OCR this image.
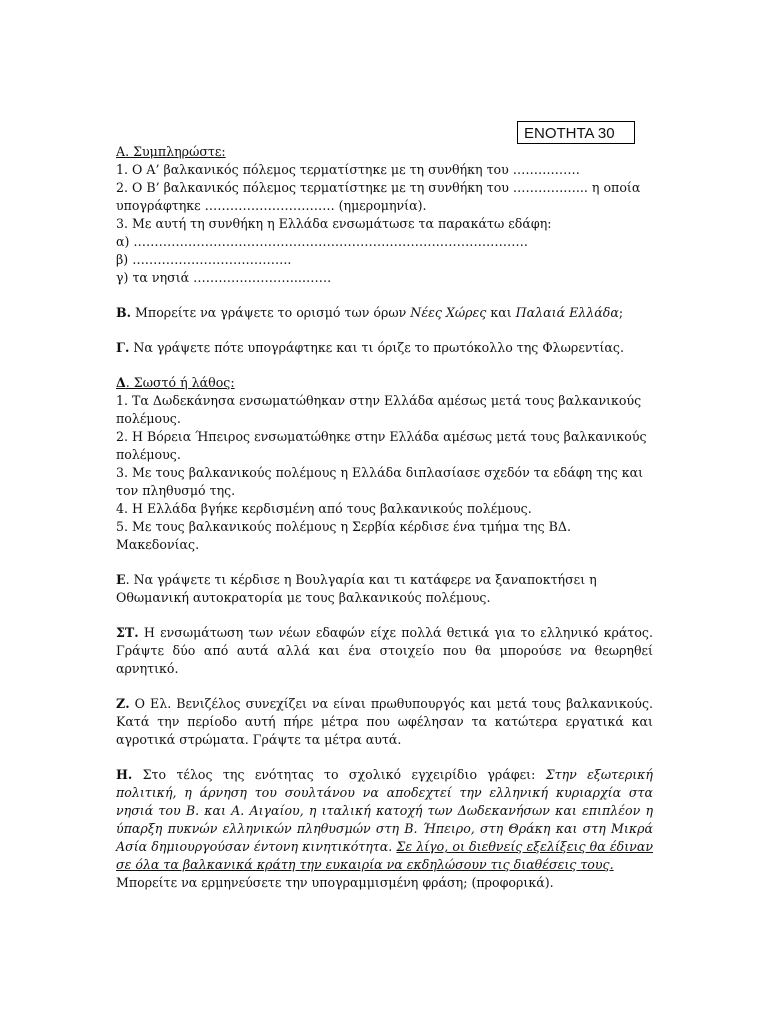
ΕΝΟΤΗΤΑ 30

Α. Συμπληρώστε:

1. Ο Α’ βαλκανικός πόλεμος τερματίστηκε με τη συνθήκη του …………….

2. Ο Β’ βαλκανικός πόλεμος τερματίστηκε με τη συνθήκη του ……………... η οποία υπογράφτηκε …………………………. (ημερομηνία).

3. Με αυτή τη συνθήκη η Ελλάδα ενσωμάτωσε τα παρακάτω εδάφη:

α) ………………………………………………………………………………….

β) ………………………………..

γ) τα νησιά ……………………..…….

Β. Μπορείτε να γράψετε το ορισμό των όρων Νέες Χώρες και Παλαιά Ελλάδα;

Γ. Να γράψετε πότε υπογράφτηκε και τι όριζε το πρωτόκολλο της Φλωρεντίας.

Δ. Σωστό ή λάθος:

1. Τα Δωδεκάνησα ενσωματώθηκαν στην Ελλάδα αμέσως μετά τους βαλκανικούς πολέμους.

2. Η Βόρεια Ήπειρος ενσωματώθηκε στην Ελλάδα αμέσως μετά τους βαλκανικούς πολέμους.

3. Με τους βαλκανικούς πολέμους η Ελλάδα διπλασίασε σχεδόν τα εδάφη της και τον πληθυσμό της.

4. Η Ελλάδα βγήκε κερδισμένη από τους βαλκανικούς πολέμους.

5. Με τους βαλκανικούς πολέμους η Σερβία κέρδισε ένα τμήμα της ΒΔ. Μακεδονίας.

Ε. Να γράψετε τι κέρδισε η Βουλγαρία και τι κατάφερε να ξαναποκτήσει η Οθωμανική αυτοκρατορία με τους βαλκανικούς πολέμους.

ΣΤ. Η ενσωμάτωση των νέων εδαφών είχε πολλά θετικά για το ελληνικό κράτος. Γράψτε δύο από αυτά αλλά και ένα στοιχείο που θα μπορούσε να θεωρηθεί αρνητικό.

Ζ. Ο Ελ. Βενιζέλος συνεχίζει να είναι πρωθυπουργός και μετά τους βαλκανικούς. Κατά την περίοδο αυτή πήρε μέτρα που ωφέλησαν τα κατώτερα εργατικά και αγροτικά στρώματα. Γράψτε τα μέτρα αυτά.

Η. Στο τέλος της ενότητας το σχολικό εγχειρίδιο γράφει: Στην εξωτερική πολιτική, η άρνηση του σουλτάνου να αποδεχτεί την ελληνική κυριαρχία στα νησιά του Β. και Α. Αιγαίου, η ιταλική κατοχή των Δωδεκανήσων και επιπλέον η ύπαρξη πυκνών ελληνικών πληθυσμών στη Β. Ήπειρο, στη Θράκη και στη Μικρά Ασία δημιουργούσαν έντονη κινητικότητα. Σε λίγο, οι διεθνείς εξελίξεις θα έδιναν σε όλα τα βαλκανικά κράτη την ευκαιρία να εκδηλώσουν τις διαθέσεις τους.

Μπορείτε να ερμηνεύσετε την υπογραμμισμένη φράση; (προφορικά).
